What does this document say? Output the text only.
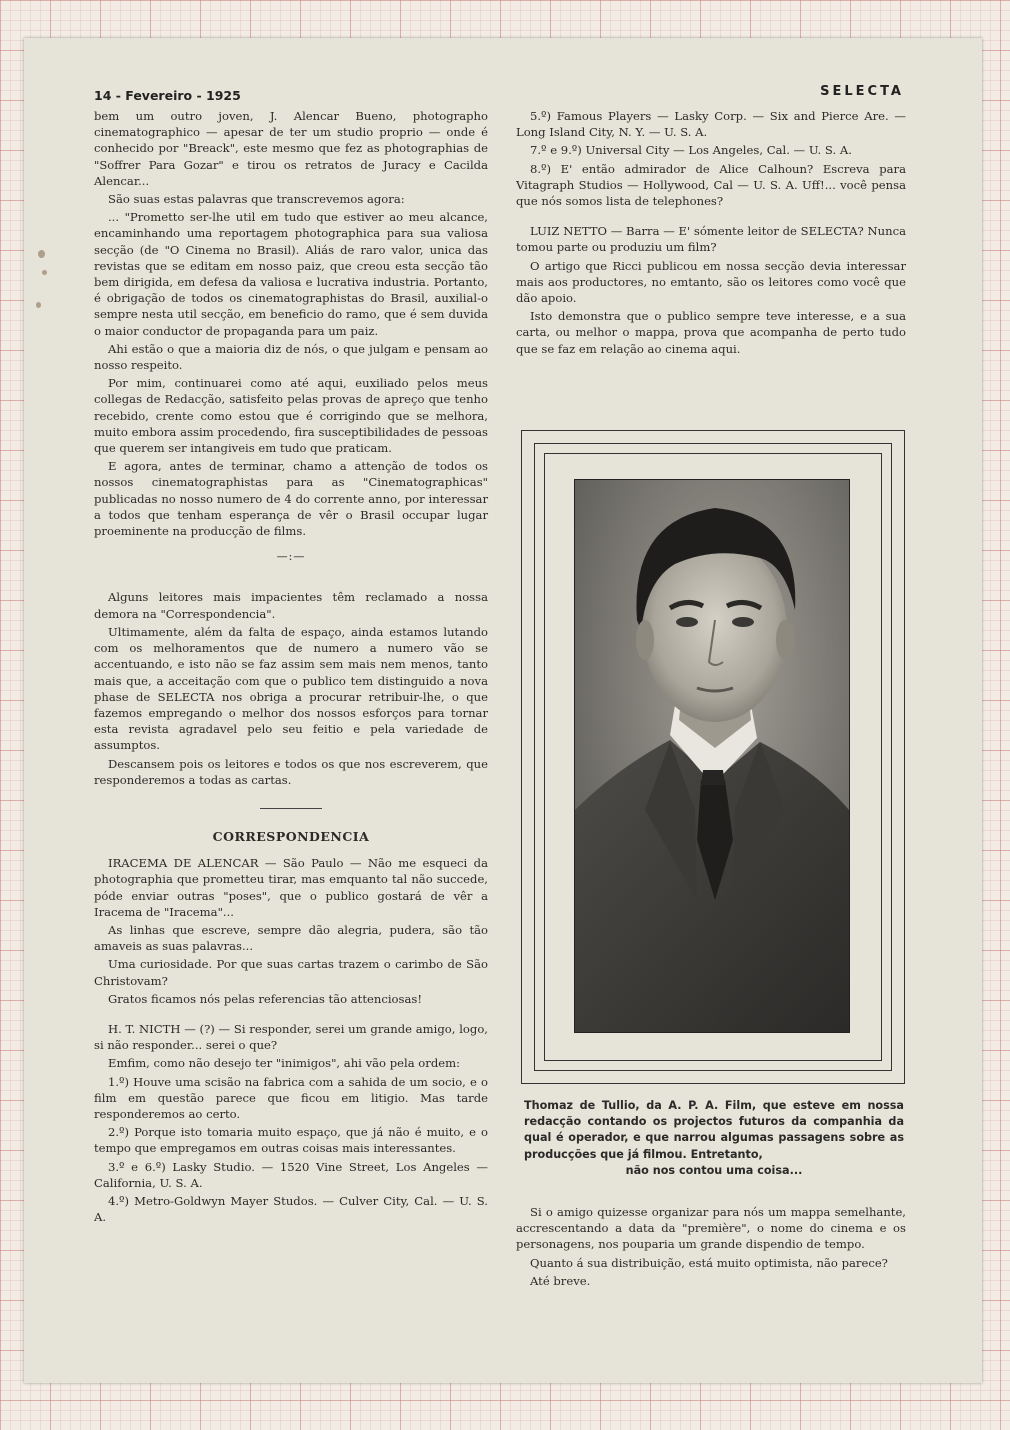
14 - Fevereiro - 1925	SELECTA

bem um outro joven, J. Alencar Bueno, photographo cinematographico — apesar de ter um studio proprio — onde é conhecido por "Breack", este mesmo que fez as photographias de "Soffrer Para Gozar" e tirou os retratos de Juracy e Cacilda Alencar...

São suas estas palavras que transcrevemos agora:

... "Prometto ser-lhe util em tudo que estiver ao meu alcance, encaminhando uma reportagem photographica para sua valiosa secção (de "O Cinema no Brasil). Aliás de raro valor, unica das revistas que se editam em nosso paiz, que creou esta secção tão bem dirigida, em defesa da valiosa e lucrativa industria. Portanto, é obrigação de todos os cinematographistas do Brasil, auxilial-o sempre nesta util secção, em beneficio do ramo, que é sem duvida o maior conductor de propaganda para um paiz.

Ahi estão o que a maioria diz de nós, o que julgam e pensam ao nosso respeito.

Por mim, continuarei como até aqui, euxiliado pelos meus collegas de Redacção, satisfeito pelas provas de apreço que tenho recebido, crente como estou que é corrigindo que se melhora, muito embora assim procedendo, fira susceptibilidades de pessoas que querem ser intangiveis em tudo que praticam.

E agora, antes de terminar, chamo a attenção de todos os nossos cinematographistas para as "Cinematographicas" publicadas no nosso numero de 4 do corrente anno, por interessar a todos que tenham esperança de vêr o Brasil occupar lugar proeminente na producção de films.

—:—

Alguns leitores mais impacientes têm reclamado a nossa demora na "Correspondencia".

Ultimamente, além da falta de espaço, ainda estamos lutando com os melhoramentos que de numero a numero vão se accentuando, e isto não se faz assim sem mais nem menos, tanto mais que, a acceitação com que o publico tem distinguido a nova phase de SELECTA nos obriga a procurar retribuir-lhe, o que fazemos empregando o melhor dos nossos esforços para tornar esta revista agradavel pelo seu feitio e pela variedade de assumptos.

Descansem pois os leitores e todos os que nos escreverem, que responderemos a todas as cartas.

CORRESPONDENCIA

IRACEMA DE ALENCAR — São Paulo — Não me esqueci da photographia que prometteu tirar, mas emquanto tal não succede, póde enviar outras "poses", que o publico gostará de vêr a Iracema de "Iracema"...

As linhas que escreve, sempre dão alegria, pudera, são tão amaveis as suas palavras...

Uma curiosidade. Por que suas cartas trazem o carimbo de São Christovam?

Gratos ficamos nós pelas referencias tão attenciosas!

H. T. NICTH — (?) — Si responder, serei um grande amigo, logo, si não responder... serei o que?

Emfim, como não desejo ter "inimigos", ahi vão pela ordem:

1.º) Houve uma scisão na fabrica com a sahida de um socio, e o film em questão parece que ficou em litigio. Mas tarde responderemos ao certo.

2.º) Porque isto tomaria muito espaço, que já não é muito, e o tempo que empregamos em outras coisas mais interessantes.

3.º e 6.º) Lasky Studio. — 1520 Vine Street, Los Angeles — California, U. S. A.

4.º) Metro-Goldwyn Mayer Studos. — Culver City, Cal. — U. S. A.

5.º) Famous Players — Lasky Corp. — Six and Pierce Are. — Long Island City, N. Y. — U. S. A.

7.º e 9.º) Universal City — Los Angeles, Cal. — U. S. A.

8.º) E' então admirador de Alice Calhoun? Escreva para Vitagraph Studios — Hollywood, Cal — U. S. A. Uff!... você pensa que nós somos lista de telephones?

LUIZ NETTO — Barra — E' sómente leitor de SELECTA? Nunca tomou parte ou produziu um film?

O artigo que Ricci publicou em nossa secção devia interessar mais aos productores, no emtanto, são os leitores como você que dão apoio.

Isto demonstra que o publico sempre teve interesse, e a sua carta, ou melhor o mappa, prova que acompanha de perto tudo que se faz em relação ao cinema aqui.

Thomaz de Tullio, da A. P. A. Film, que esteve em nossa redacção contando os projectos futuros da companhia da qual é operador, e que narrou algumas passagens sobre as producções que já filmou. Entretanto,
não nos contou uma coisa...

Si o amigo quizesse organizar para nós um mappa semelhante, accrescentando a data da "première", o nome do cinema e os personagens, nos pouparia um grande dispendio de tempo.

Quanto á sua distribuição, está muito optimista, não parece?

Até breve.
